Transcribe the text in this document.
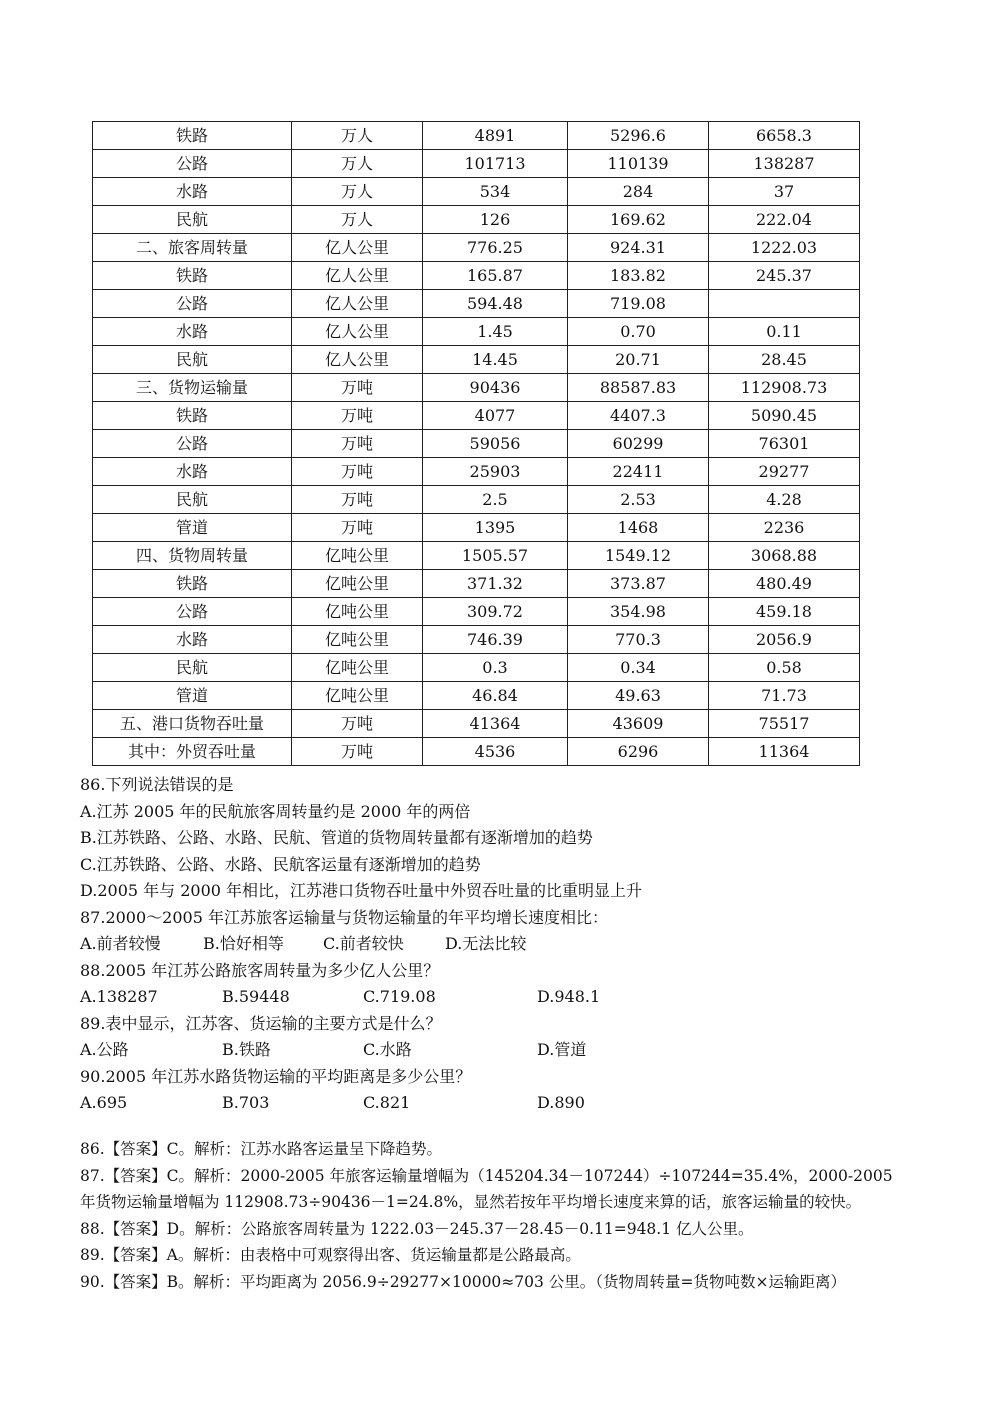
铁路	万人	4891	5296.6	6658.3
公路	万人	101713	110139	138287
水路	万人	534	284	37
民航	万人	126	169.62	222.04
二、旅客周转量	亿人公里	776.25	924.31	1222.03
铁路	亿人公里	165.87	183.82	245.37
公路	亿人公里	594.48	719.08	
水路	亿人公里	1.45	0.70	0.11
民航	亿人公里	14.45	20.71	28.45
三、货物运输量	万吨	90436	88587.83	112908.73
铁路	万吨	4077	4407.3	5090.45
公路	万吨	59056	60299	76301
水路	万吨	25903	22411	29277
民航	万吨	2.5	2.53	4.28
管道	万吨	1395	1468	2236
四、货物周转量	亿吨公里	1505.57	1549.12	3068.88
铁路	亿吨公里	371.32	373.87	480.49
公路	亿吨公里	309.72	354.98	459.18
水路	亿吨公里	746.39	770.3	2056.9
民航	亿吨公里	0.3	0.34	0.58
管道	亿吨公里	46.84	49.63	71.73
五、港口货物吞吐量	万吨	41364	43609	75517
其中：外贸吞吐量	万吨	4536	6296	11364
86.下列说法错误的是
A.江苏 2005 年的民航旅客周转量约是 2000 年的两倍
B.江苏铁路、公路、水路、民航、管道的货物周转量都有逐渐增加的趋势
C.江苏铁路、公路、水路、民航客运量有逐渐增加的趋势
D.2005 年与 2000 年相比，江苏港口货物吞吐量中外贸吞吐量的比重明显上升
87.2000～2005 年江苏旅客运输量与货物运输量的年平均增长速度相比：
A.前者较慢	B.恰好相等	C.前者较快	D.无法比较
88.2005 年江苏公路旅客周转量为多少亿人公里？
A.138287	B.59448	C.719.08	D.948.1
89.表中显示，江苏客、货运输的主要方式是什么？
A.公路	B.铁路	C.水路	D.管道
90.2005 年江苏水路货物运输的平均距离是多少公里？
A.695	B.703	C.821	D.890
86.【答案】C。解析：江苏水路客运量呈下降趋势。
87.【答案】C。解析：2000-2005 年旅客运输量增幅为（145204.34－107244）÷107244=35.4%，2000-2005
年货物运输量增幅为 112908.73÷90436－1=24.8%，显然若按年平均增长速度来算的话，旅客运输量的较快。
88.【答案】D。解析：公路旅客周转量为 1222.03－245.37－28.45－0.11=948.1 亿人公里。
89.【答案】A。解析：由表格中可观察得出客、货运输量都是公路最高。
90.【答案】B。解析：平均距离为 2056.9÷29277×10000≈703 公里。（货物周转量=货物吨数×运输距离）
